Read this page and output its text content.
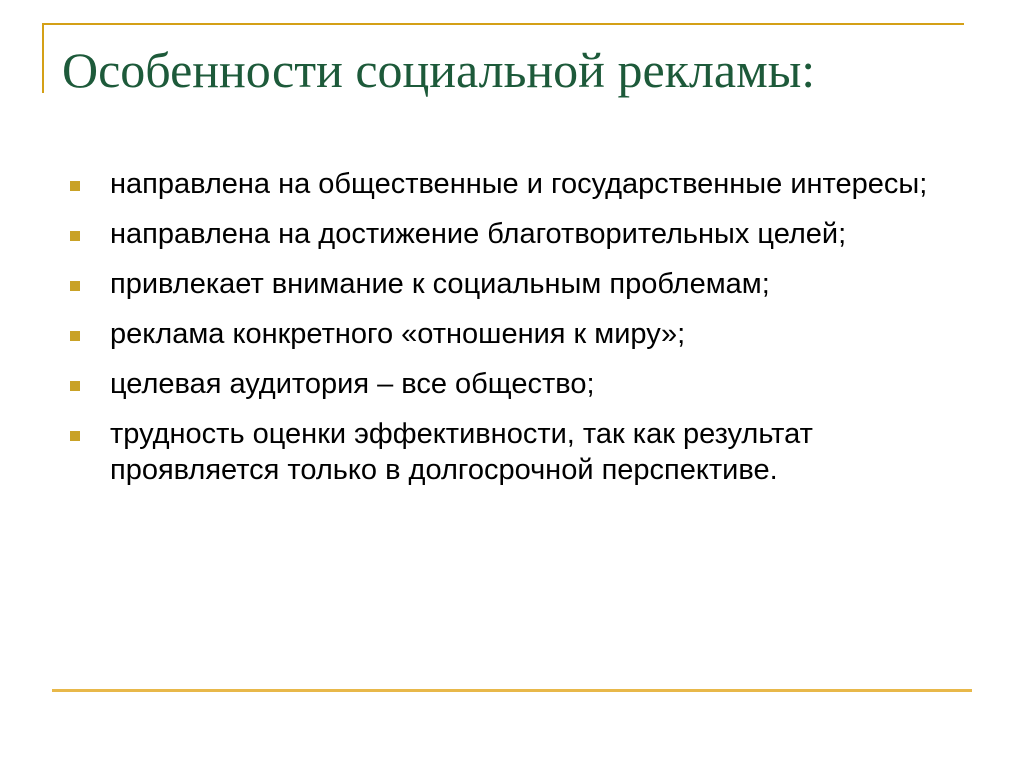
Особенности социальной рекламы:
направлена на общественные и государственные интересы;
направлена на достижение благотворительных целей;
привлекает внимание к социальным проблемам;
реклама конкретного «отношения к миру»;
целевая аудитория – все общество;
трудность оценки эффективности, так как результат проявляется только в долгосрочной перспективе.
